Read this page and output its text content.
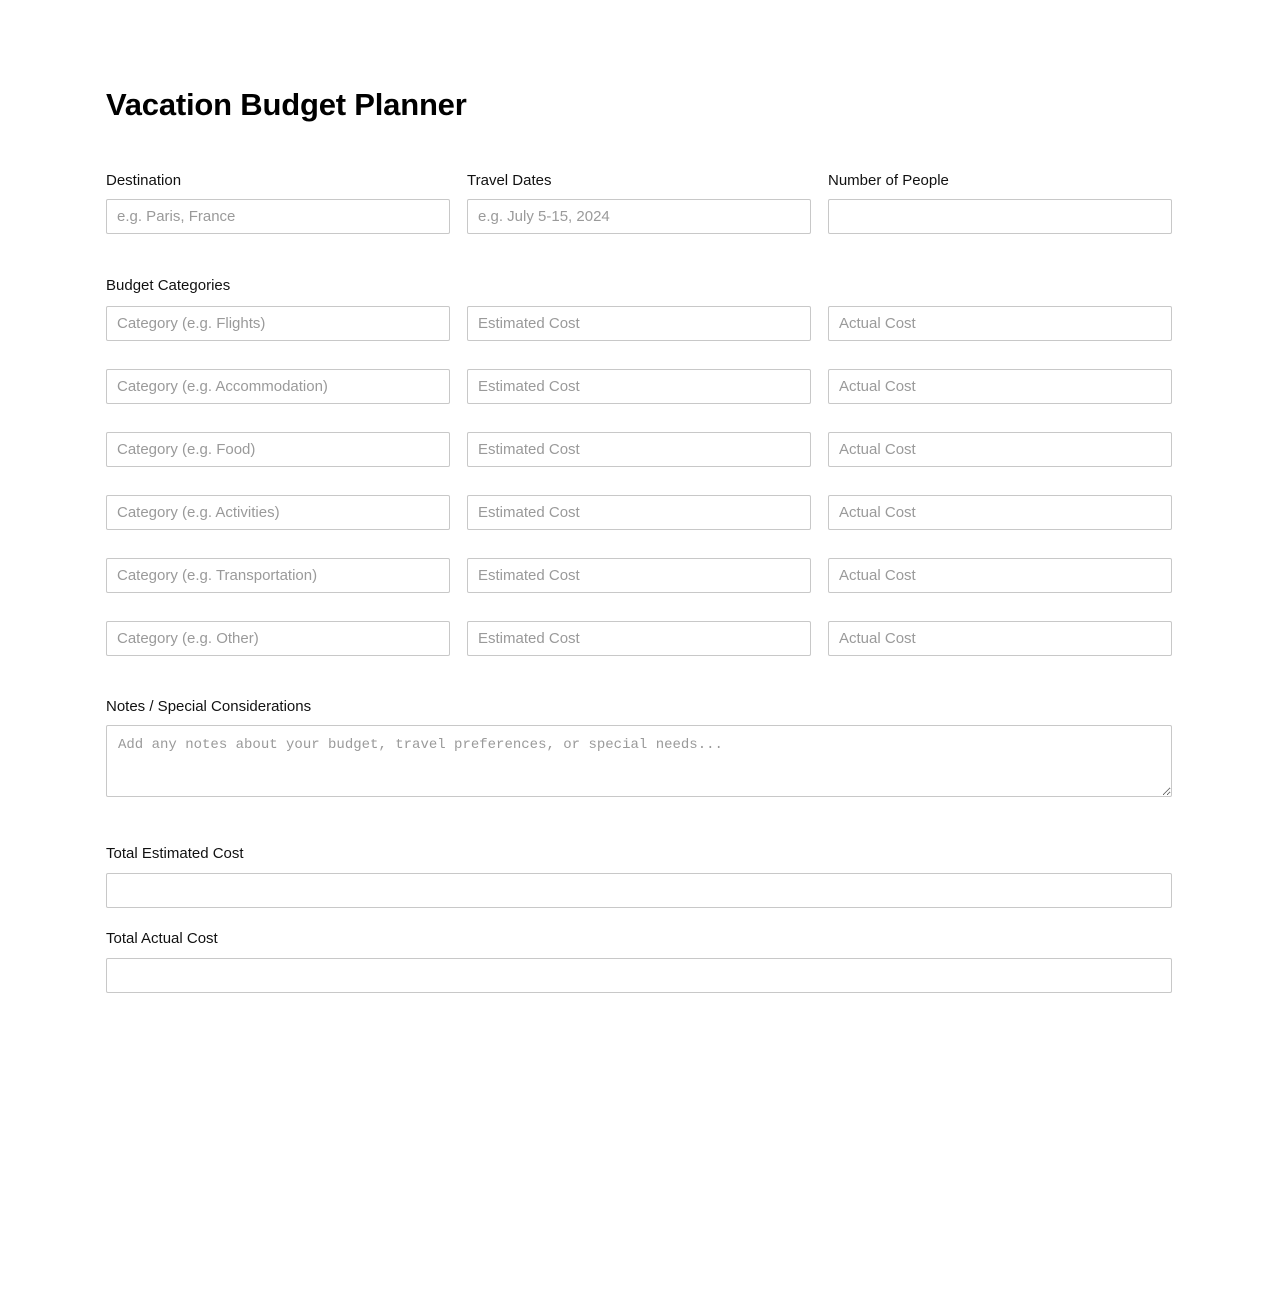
Vacation Budget Planner
Destination
e.g. Paris, France	Travel Dates
e.g. July 5-15, 2024	Number of People
Budget Categories
Category (e.g. Flights)
Estimated Cost
Actual Cost
Category (e.g. Accommodation)
Estimated Cost
Actual Cost
Category (e.g. Food)
Estimated Cost
Actual Cost
Category (e.g. Activities)
Estimated Cost
Actual Cost
Category (e.g. Transportation)
Estimated Cost
Actual Cost
Category (e.g. Other)
Estimated Cost
Actual Cost
Notes / Special Considerations
Add any notes about your budget, travel preferences, or special needs...
Total Estimated Cost
Total Actual Cost
